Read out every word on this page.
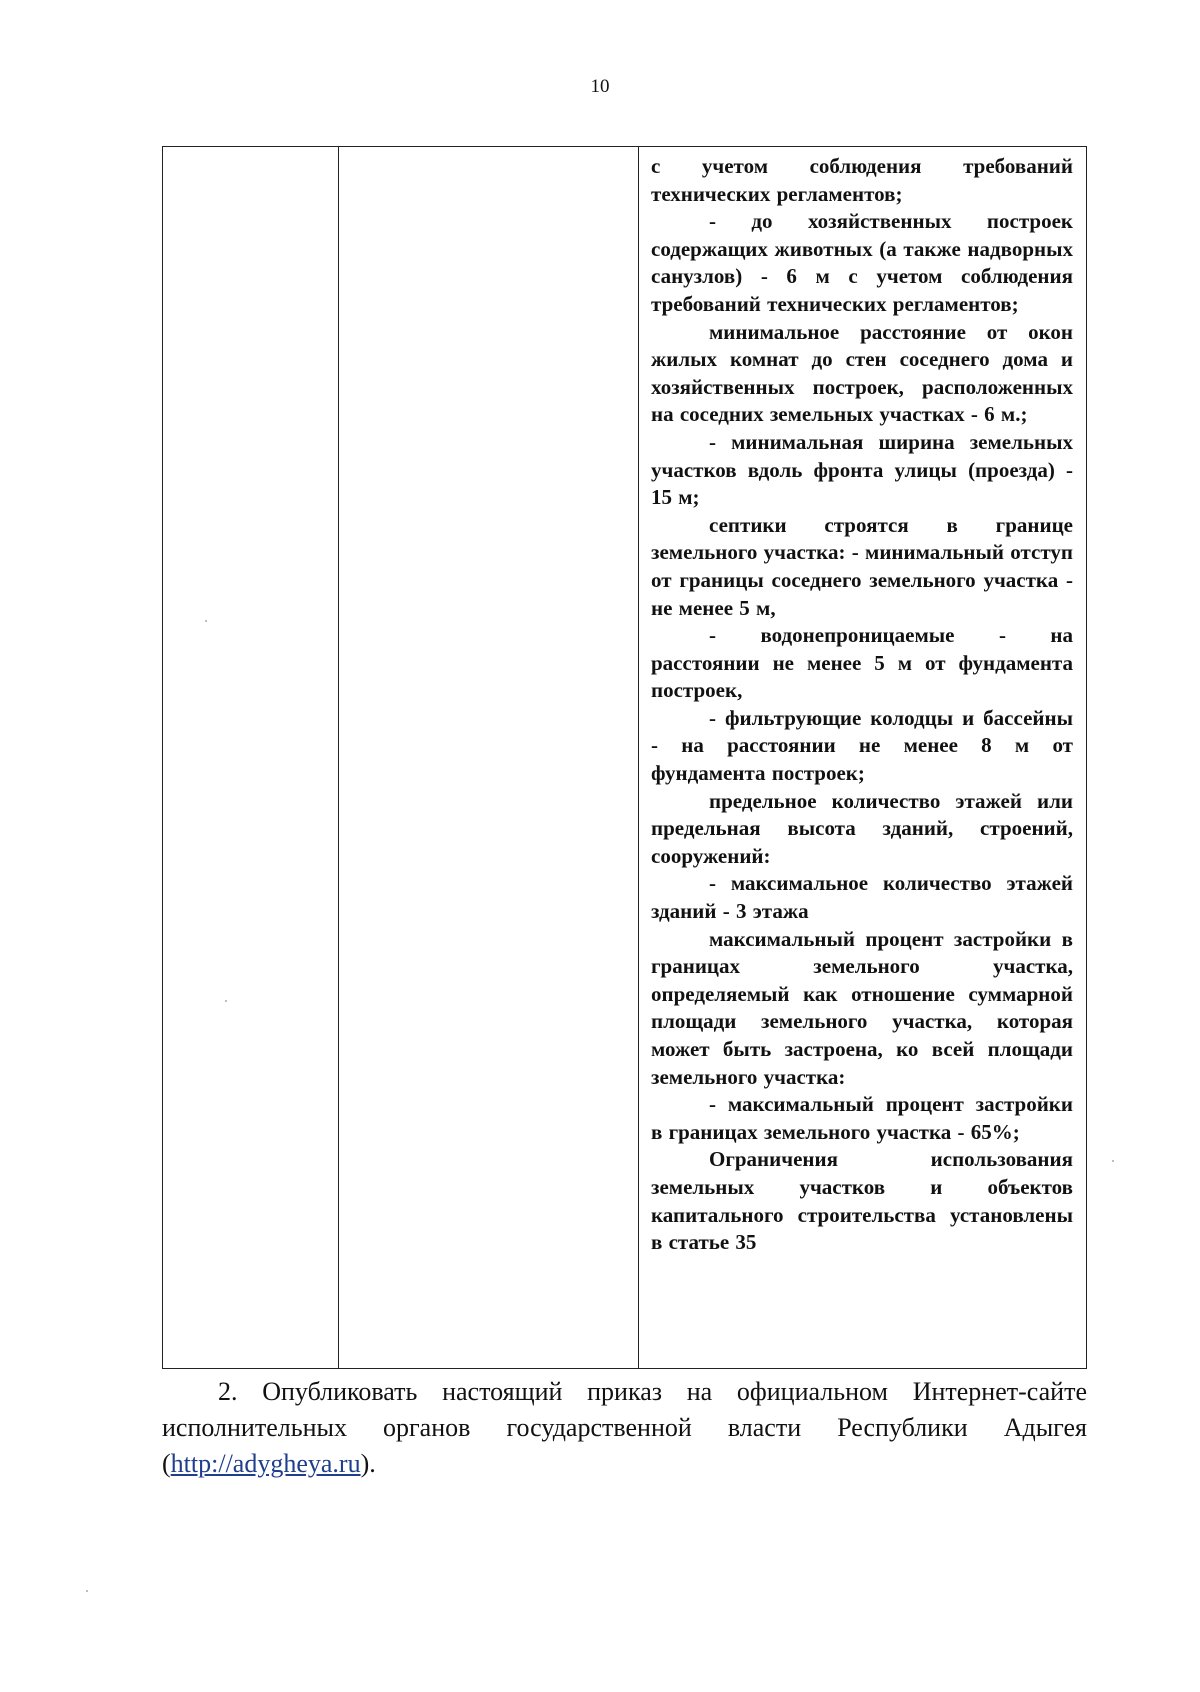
10

с учетом соблюдения требований технических регламентов;

- до хозяйственных построек содержащих животных (а также надворных санузлов) - 6 м с учетом соблюдения требований технических регламентов;

минимальное расстояние от окон жилых комнат до стен соседнего дома и хозяйственных построек, расположенных на соседних земельных участках - 6 м.;

- минимальная ширина земельных участков вдоль фронта улицы (проезда) - 15 м;

септики строятся в границе земельного участка: - минимальный отступ от границы соседнего земельного участка - не менее 5 м,

- водонепроницаемые - на расстоянии не менее 5 м от фундамента построек,

- фильтрующие колодцы и бассейны - на расстоянии не менее 8 м от фундамента построек;

предельное количество этажей или предельная высота зданий, строений, сооружений:

- максимальное количество этажей зданий - 3 этажа

максимальный процент застройки в границах земельного участка, определяемый как отношение суммарной площади земельного участка, которая может быть застроена, ко всей площади земельного участка:

- максимальный процент застройки в границах земельного участка - 65%;

Ограничения использования земельных участков и объектов капитального строительства установлены в статье 35

2. Опубликовать настоящий приказ на официальном Интернет-сайте исполнительных органов государственной власти Республики Адыгея (http://adygheya.ru).
